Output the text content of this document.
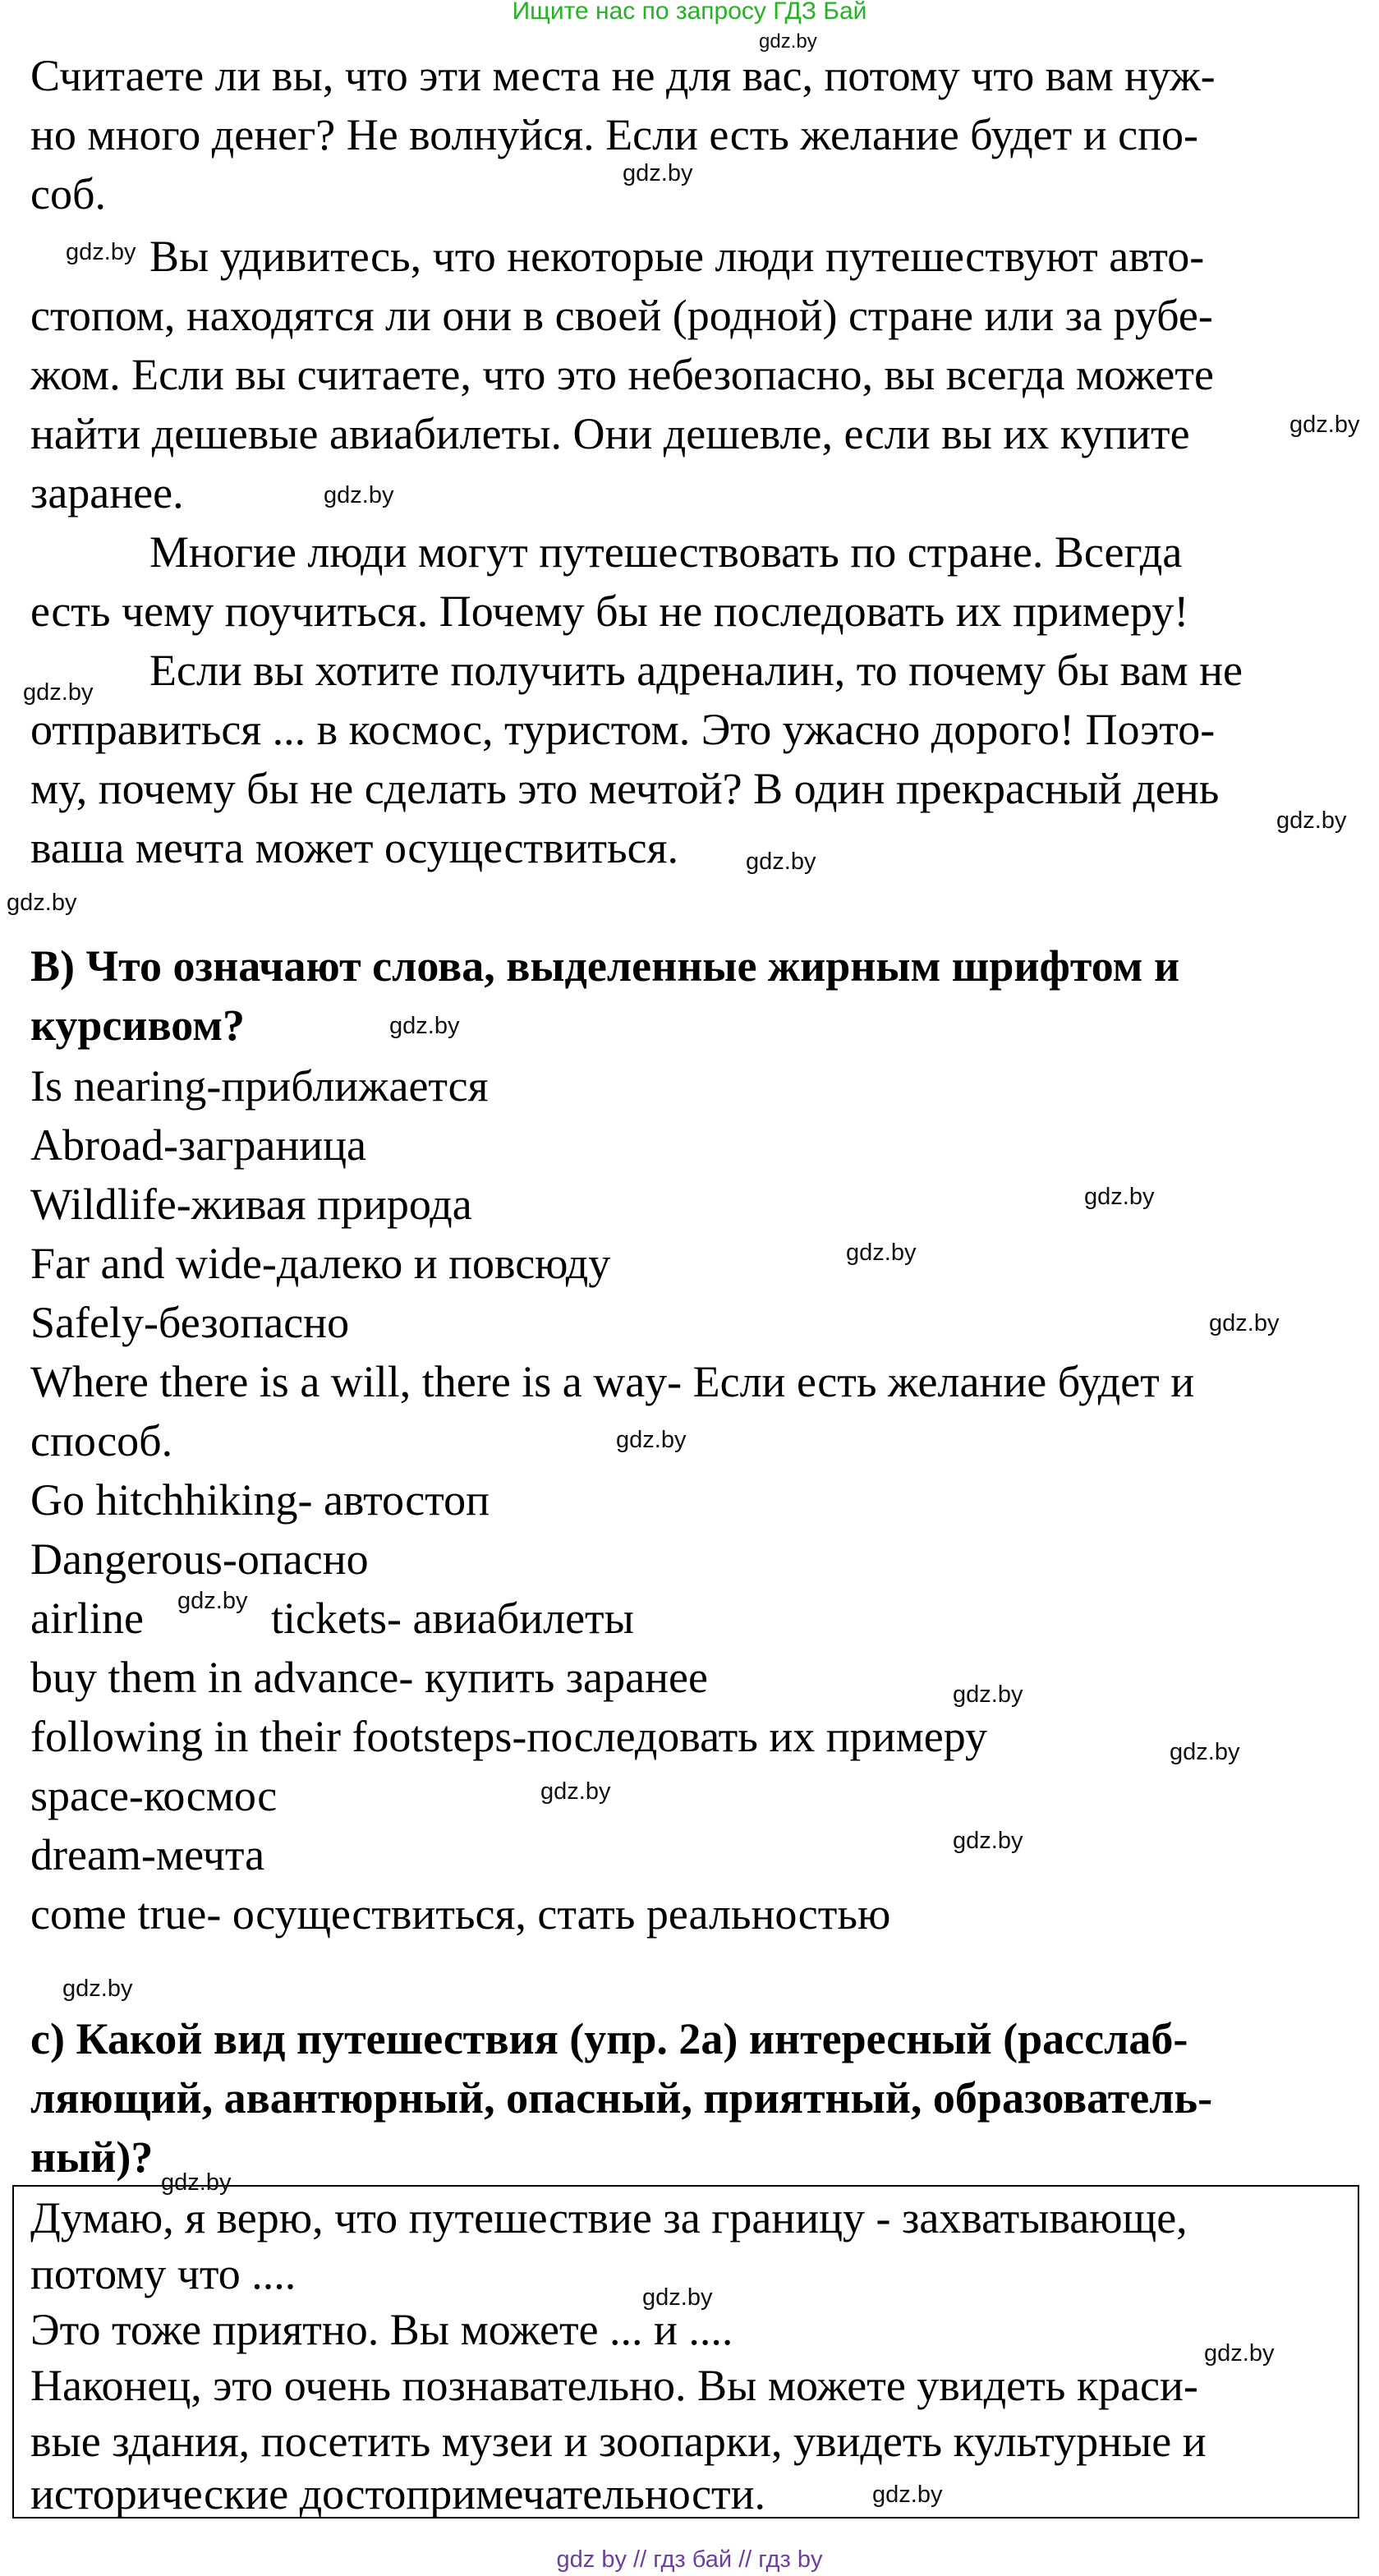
Ищите нас по запросу ГДЗ Бай
Считаете ли вы, что эти места не для вас, потому что вам нуж-
но много денег? Не волнуйся. Если есть желание будет и спо-
соб.
Вы удивитесь, что некоторые люди путешествуют авто-
стопом, находятся ли они в своей (родной) стране или за рубе-
жом. Если вы считаете, что это небезопасно, вы всегда можете
найти дешевые авиабилеты. Они дешевле, если вы их купите
заранее.
Многие люди могут путешествовать по стране. Всегда
есть чему поучиться. Почему бы не последовать их примеру!
Если вы хотите получить адреналин, то почему бы вам не
отправиться ... в космос, туристом. Это ужасно дорого! Поэто-
му, почему бы не сделать это мечтой? В один прекрасный день
ваша мечта может осуществиться.
B) Что означают слова, выделенные жирным шрифтом и
курсивом?
Is nearing-приближается
Abroad-заграница
Wildlife-живая природа
Far and wide-далеко и повсюду
Safely-безопасно
Where there is a will, there is a way- Если есть желание будет и
способ.
Go hitchhiking- автостоп
Dangerous-опасно
airline	tickets- авиабилеты
buy them in advance- купить заранее
following in their footsteps-последовать их примеру
space-космос
dream-мечта
come true- осуществиться, стать реальностью
c) Какой вид путешествия (упр. 2a) интересный (расслаб-
ляющий, авантюрный, опасный, приятный, образователь-
ный)?
Думаю, я верю, что путешествие за границу - захватывающе,
потому что ....
Это тоже приятно. Вы можете ... и ....
Наконец, это очень познавательно. Вы можете увидеть краси-
вые здания, посетить музеи и зоопарки, увидеть культурные и
исторические достопримечательности.
gdz.by
gdz.by
gdz.by
gdz.by
gdz.by
gdz.by
gdz.by
gdz.by
gdz.by
gdz.by
gdz.by
gdz.by
gdz.by
gdz.by
gdz.by
gdz.by
gdz.by
gdz.by
gdz.by
gdz.by
gdz.by
gdz.by
gdz.by
gdz.by
gdz by // гдз бай // гдз by
